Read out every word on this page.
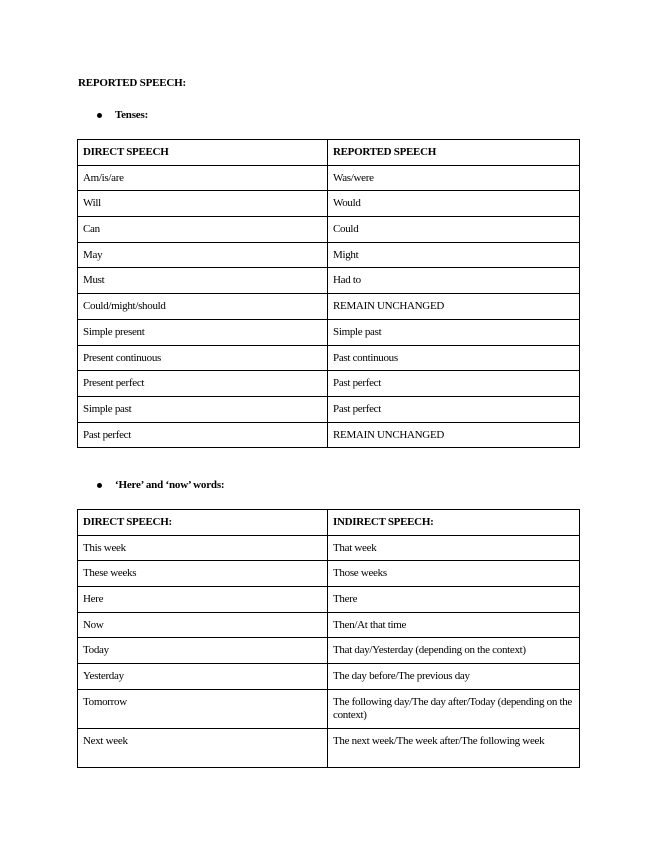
REPORTED SPEECH:
Tenses:
DIRECT SPEECH	REPORTED SPEECH
Am/is/are	Was/were
Will	Would
Can	Could
May	Might
Must	Had to
Could/might/should	REMAIN UNCHANGED
Simple present	Simple past
Present continuous	Past continuous
Present perfect	Past perfect
Simple past	Past perfect
Past perfect	REMAIN UNCHANGED
‘Here’ and ‘now’ words:
DIRECT SPEECH:	INDIRECT SPEECH:
This week	That week
These weeks	Those weeks
Here	There
Now	Then/At that time
Today	That day/Yesterday (depending on the context)
Yesterday	The day before/The previous day
Tomorrow	The following day/The day after/Today (depending on the context)
Next week	The next week/The week after/The following week
